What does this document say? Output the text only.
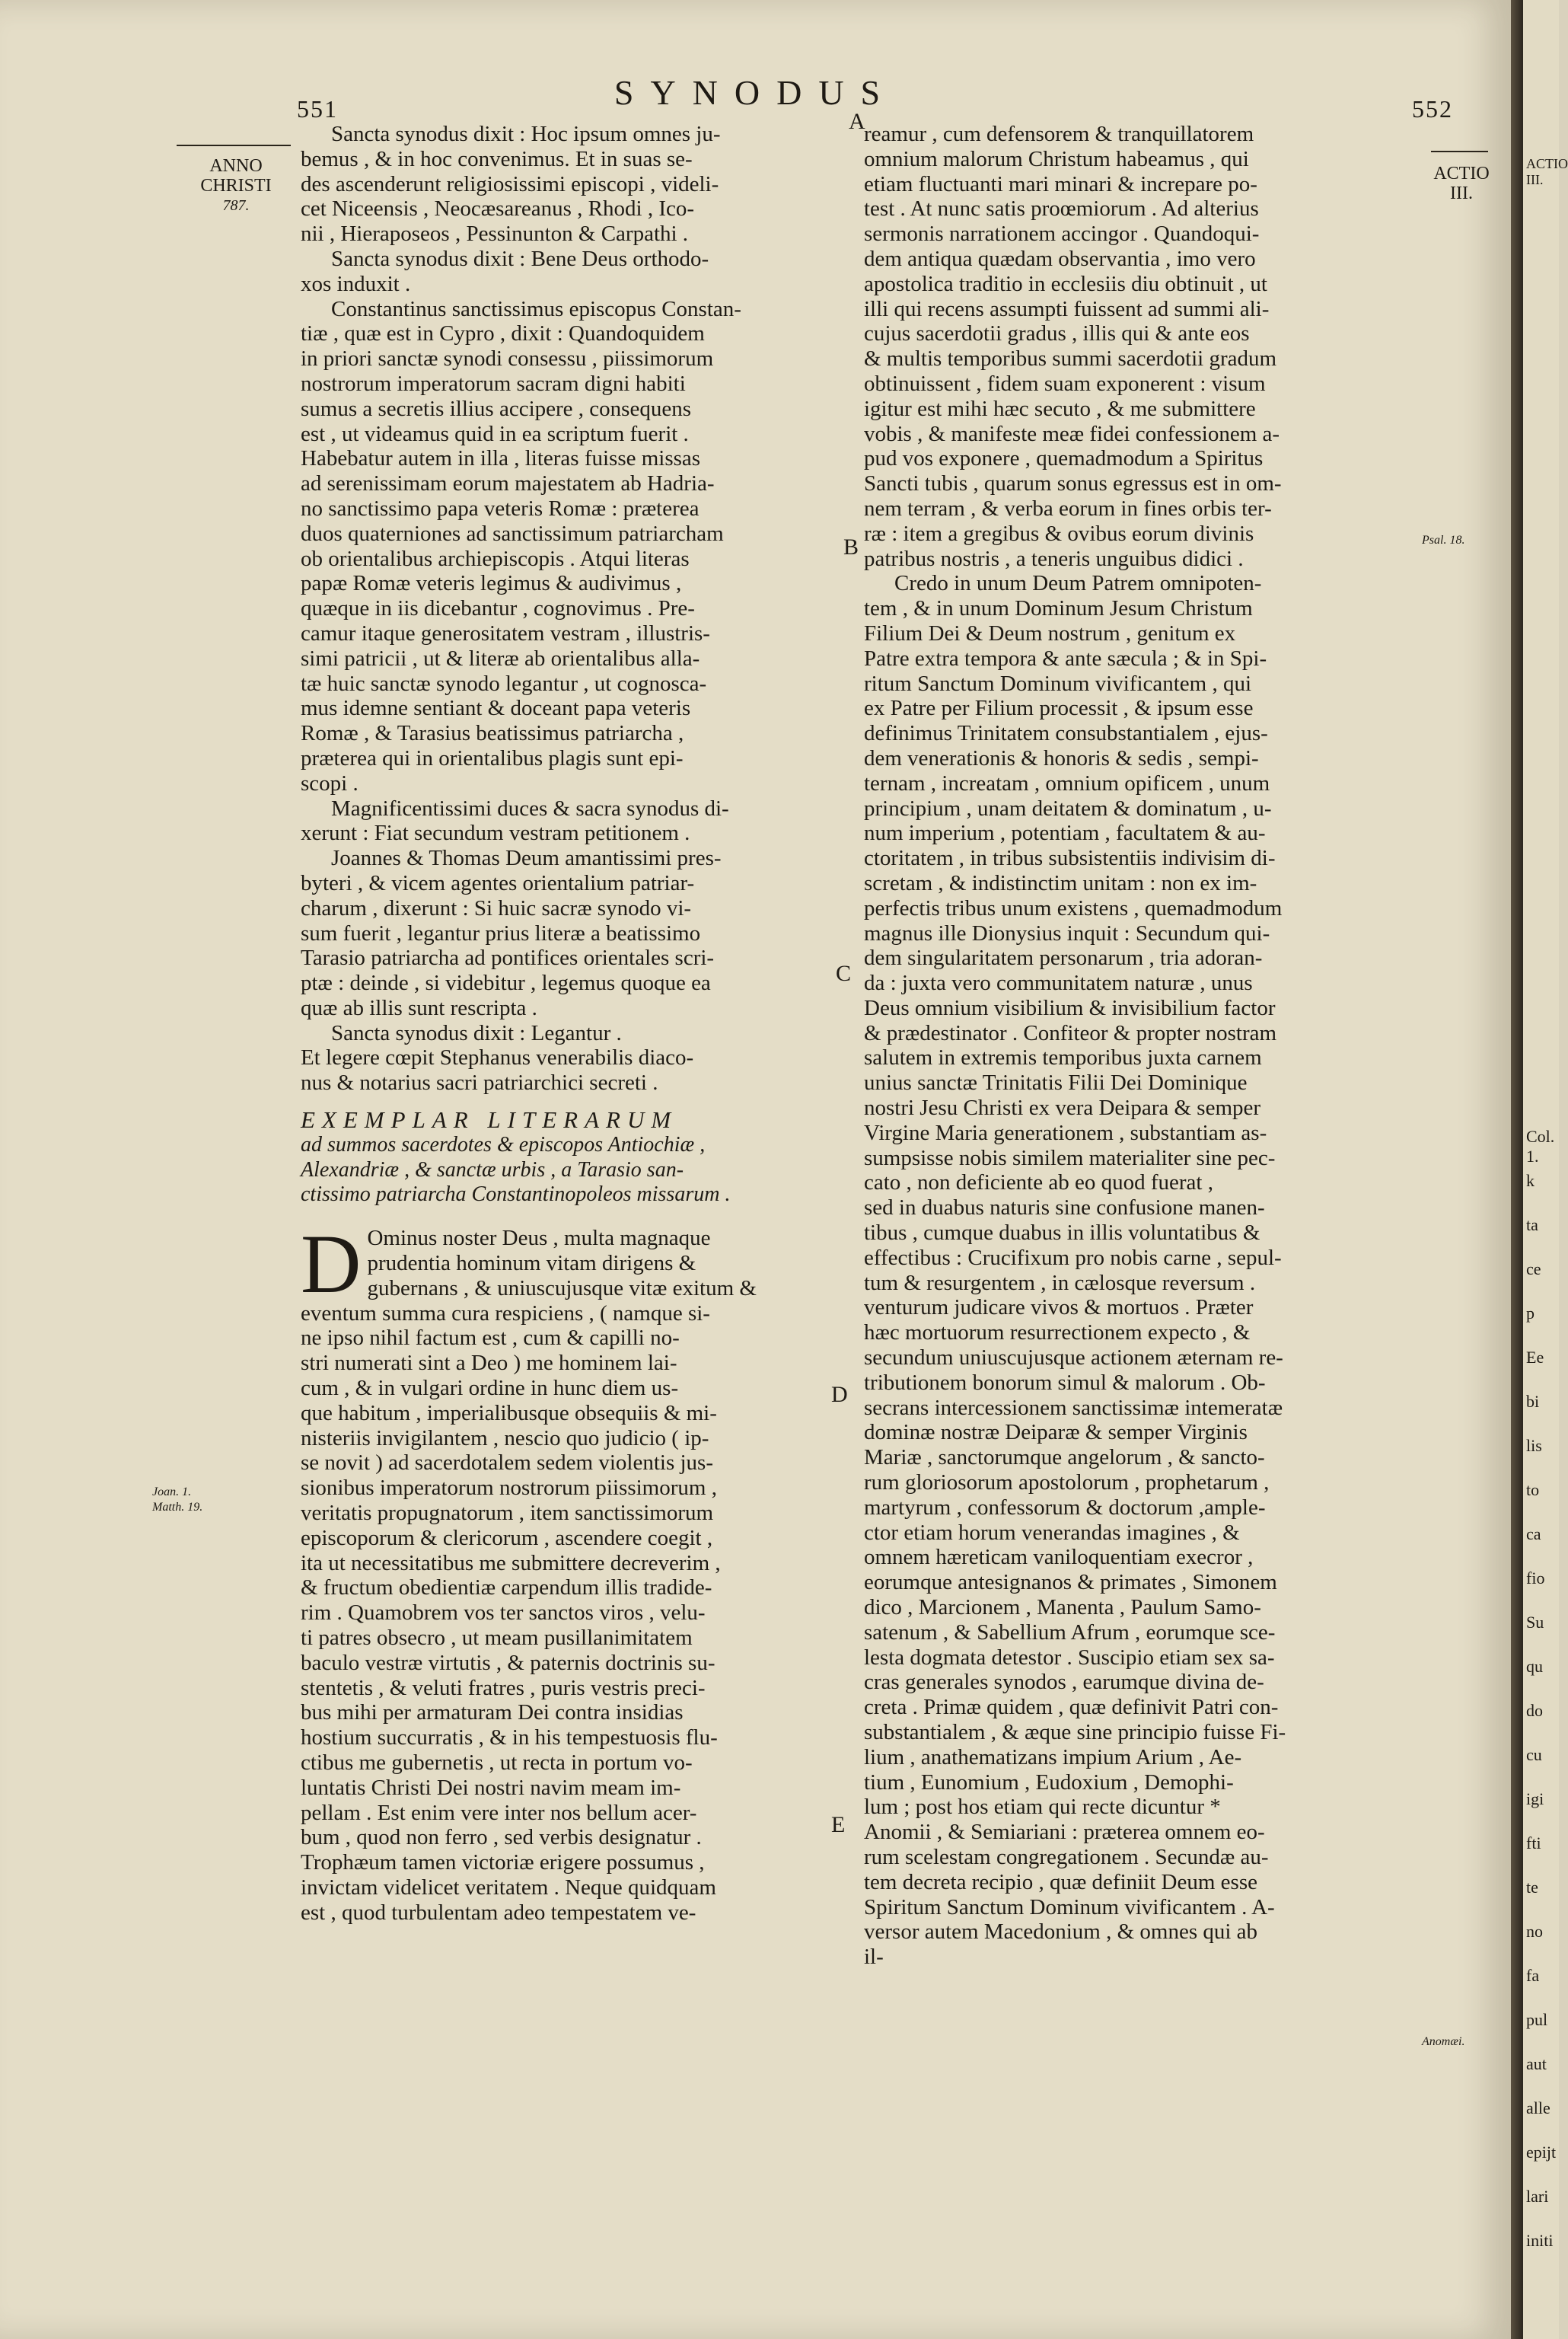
551	SYNODUS	552
ANNO
CHRISTI
787.
ACTIO
III.
Joan. 1.
Matth. 19.
Psal. 18.
Anomæi.
A
B
C
D
E

Sancta synodus dixit : Hoc ipsum omnes ju-

bemus , & in hoc convenimus. Et in suas se-

des ascenderunt religiosissimi episcopi , videli-

cet Niceensis , Neocæsareanus , Rhodi , Ico-

nii , Hieraposeos , Pessinunton & Carpathi .

Sancta synodus dixit : Bene Deus orthodo-

xos induxit .

Constantinus sanctissimus episcopus Constan-

tiæ , quæ est in Cypro , dixit : Quandoquidem

in priori sanctæ synodi consessu , piissimorum

nostrorum imperatorum sacram digni habiti

sumus a secretis illius accipere , consequens

est , ut videamus quid in ea scriptum fuerit .

Habebatur autem in illa , literas fuisse missas

ad serenissimam eorum majestatem ab Hadria-

no sanctissimo papa veteris Romæ : præterea

duos quaterniones ad sanctissimum patriarcham

ob orientalibus archiepiscopis . Atqui literas

papæ Romæ veteris legimus & audivimus ,

quæque in iis dicebantur , cognovimus . Pre-

camur itaque generositatem vestram , illustris-

simi patricii , ut & literæ ab orientalibus alla-

tæ huic sanctæ synodo legantur , ut cognosca-

mus idemne sentiant & doceant papa veteris

Romæ , & Tarasius beatissimus patriarcha ,

præterea qui in orientalibus plagis sunt epi-

scopi .

Magnificentissimi duces & sacra synodus di-

xerunt : Fiat secundum vestram petitionem .

Joannes & Thomas Deum amantissimi pres-

byteri , & vicem agentes orientalium patriar-

charum , dixerunt : Si huic sacræ synodo vi-

sum fuerit , legantur prius literæ a beatissimo

Tarasio patriarcha ad pontifices orientales scri-

ptæ : deinde , si videbitur , legemus quoque ea

quæ ab illis sunt rescripta .

Sancta synodus dixit : Legantur .

Et legere cœpit Stephanus venerabilis diaco-

nus & notarius sacri patriarchici secreti .

EXEMPLAR LITERARUM

ad summos sacerdotes & episcopos Antiochiæ ,

Alexandriæ , & sanctæ urbis , a Tarasio san-

ctissimo patriarcha Constantinopoleos missarum .

D Ominus noster Deus , multa magnaque

prudentia hominum vitam dirigens &

gubernans , & uniuscujusque vitæ exitum &

eventum summa cura respiciens , ( namque si-

ne ipso nihil factum est , cum & capilli no-

stri numerati sint a Deo ) me hominem lai-

cum , & in vulgari ordine in hunc diem us-

que habitum , imperialibusque obsequiis & mi-

nisteriis invigilantem , nescio quo judicio ( ip-

se novit ) ad sacerdotalem sedem violentis jus-

sionibus imperatorum nostrorum piissimorum ,

veritatis propugnatorum , item sanctissimorum

episcoporum & clericorum , ascendere coegit ,

ita ut necessitatibus me submittere decreverim ,

& fructum obedientiæ carpendum illis tradide-

rim . Quamobrem vos ter sanctos viros , velu-

ti patres obsecro , ut meam pusillanimitatem

baculo vestræ virtutis , & paternis doctrinis su-

stentetis , & veluti fratres , puris vestris preci-

bus mihi per armaturam Dei contra insidias

hostium succurratis , & in his tempestuosis flu-

ctibus me gubernetis , ut recta in portum vo-

luntatis Christi Dei nostri navim meam im-

pellam . Est enim vere inter nos bellum acer-

bum , quod non ferro , sed verbis designatur .

Trophæum tamen victoriæ erigere possumus ,

invictam videlicet veritatem . Neque quidquam

est , quod turbulentam adeo tempestatem ve-

reamur , cum defensorem & tranquillatorem

omnium malorum Christum habeamus , qui

etiam fluctuanti mari minari & increpare po-

test . At nunc satis proœmiorum . Ad alterius

sermonis narrationem accingor . Quandoqui-

dem antiqua quædam observantia , imo vero

apostolica traditio in ecclesiis diu obtinuit , ut

illi qui recens assumpti fuissent ad summi ali-

cujus sacerdotii gradus , illis qui & ante eos

& multis temporibus summi sacerdotii gradum

obtinuissent , fidem suam exponerent : visum

igitur est mihi hæc secuto , & me submittere

vobis , & manifeste meæ fidei confessionem a-

pud vos exponere , quemadmodum a Spiritus

Sancti tubis , quarum sonus egressus est in om-

nem terram , & verba eorum in fines orbis ter-

ræ : item a gregibus & ovibus eorum divinis

patribus nostris , a teneris unguibus didici .

Credo in unum Deum Patrem omnipoten-

tem , & in unum Dominum Jesum Christum

Filium Dei & Deum nostrum , genitum ex

Patre extra tempora & ante sæcula ; & in Spi-

ritum Sanctum Dominum vivificantem , qui

ex Patre per Filium processit , & ipsum esse

definimus Trinitatem consubstantialem , ejus-

dem venerationis & honoris & sedis , sempi-

ternam , increatam , omnium opificem , unum

principium , unam deitatem & dominatum , u-

num imperium , potentiam , facultatem & au-

ctoritatem , in tribus subsistentiis indivisim di-

scretam , & indistinctim unitam : non ex im-

perfectis tribus unum existens , quemadmodum

magnus ille Dionysius inquit : Secundum qui-

dem singularitatem personarum , tria adoran-

da : juxta vero communitatem naturæ , unus

Deus omnium visibilium & invisibilium factor

& prædestinator . Confiteor & propter nostram

salutem in extremis temporibus juxta carnem

unius sanctæ Trinitatis Filii Dei Dominique

nostri Jesu Christi ex vera Deipara & semper

Virgine Maria generationem , substantiam as-

sumpsisse nobis similem materialiter sine pec-

cato , non deficiente ab eo quod fuerat ,

sed in duabus naturis sine confusione manen-

tibus , cumque duabus in illis voluntatibus &

effectibus : Crucifixum pro nobis carne , sepul-

tum & resurgentem , in cælosque reversum .

venturum judicare vivos & mortuos . Præter

hæc mortuorum resurrectionem expecto , &

secundum uniuscujusque actionem æternam re-

tributionem bonorum simul & malorum . Ob-

secrans intercessionem sanctissimæ intemeratæ

dominæ nostræ Deiparæ & semper Virginis

Mariæ , sanctorumque angelorum , & sancto-

rum gloriosorum apostolorum , prophetarum ,

martyrum , confessorum & doctorum ,ample-

ctor etiam horum venerandas imagines , &

omnem hæreticam vaniloquentiam execror ,

eorumque antesignanos & primates , Simonem

dico , Marcionem , Manenta , Paulum Samo-

satenum , & Sabellium Afrum , eorumque sce-

lesta dogmata detestor . Suscipio etiam sex sa-

cras generales synodos , earumque divina de-

creta . Primæ quidem , quæ definivit Patri con-

substantialem , & æque sine principio fuisse Fi-

lium , anathematizans impium Arium , Ae-

tium , Eunomium , Eudoxium , Demophi-

lum ; post hos etiam qui recte dicuntur *

Anomii , & Semiariani : præterea omnem eo-

rum scelestam congregationem . Secundæ au-

tem decreta recipio , quæ definiit Deum esse

Spiritum Sanctum Dominum vivificantem . A-

versor autem Macedonium , & omnes qui ab

il-

ACTIO III.
Col. 1.
k
ta
ce
p
Ee
bi
lis
to
ca
fio
Su
qu
do
cu
igi
fti
te
no
fa
pul
aut
alle
epijt
lari
initi
